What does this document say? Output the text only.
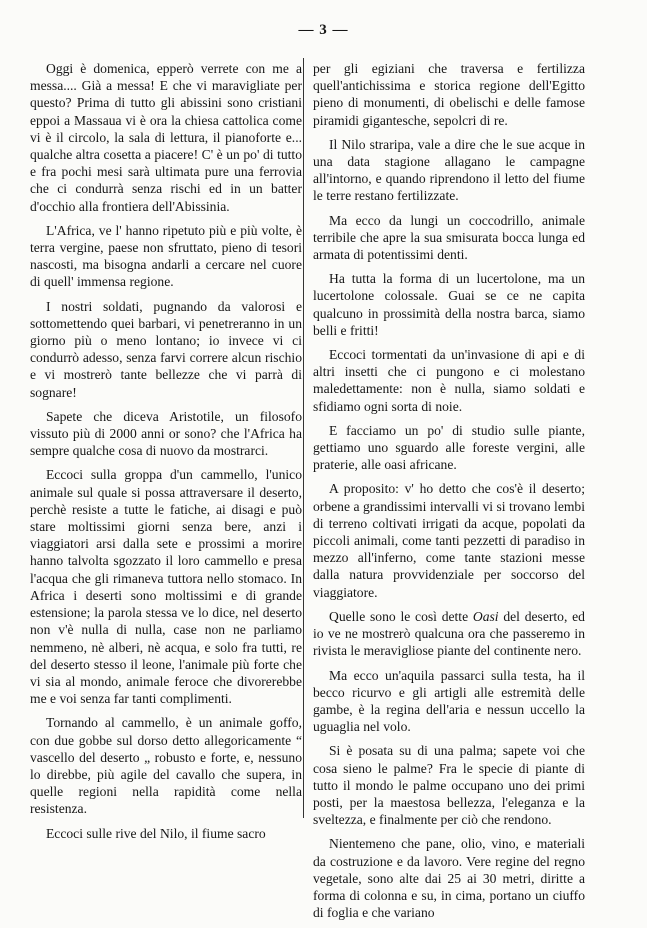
— 3 —

Oggi è domenica, epperò verrete con me a messa.... Già a messa! E che vi maravigliate per questo? Prima di tutto gli abissini sono cristiani eppoi a Massaua vi è ora la chiesa cattolica come vi è il circolo, la sala di lettura, il pianoforte e... qualche altra cosetta a piacere! C' è un po' di tutto e fra pochi mesi sarà ultimata pure una ferrovia che ci condurrà senza rischi ed in un batter d'occhio alla frontiera dell'Abissinia.

L'Africa, ve l' hanno ripetuto più e più volte, è terra vergine, paese non sfruttato, pieno di tesori nascosti, ma bisogna andarli a cercare nel cuore di quell' immensa regione.

I nostri soldati, pugnando da valorosi e sottomettendo quei barbari, vi penetreranno in un giorno più o meno lontano; io invece vi ci condurrò adesso, senza farvi correre alcun rischio e vi mostrerò tante bellezze che vi parrà di sognare!

Sapete che diceva Aristotile, un filosofo vissuto più di 2000 anni or sono? che l'Africa ha sempre qualche cosa di nuovo da mostrarci.

Eccoci sulla groppa d'un cammello, l'unico animale sul quale si possa attraversare il deserto, perchè resiste a tutte le fatiche, ai disagi e può stare moltissimi giorni senza bere, anzi i viaggiatori arsi dalla sete e prossimi a morire hanno talvolta sgozzato il loro cammello e presa l'acqua che gli rimaneva tuttora nello stomaco. In Africa i deserti sono moltissimi e di grande estensione; la parola stessa ve lo dice, nel deserto non v'è nulla di nulla, case non ne parliamo nemmeno, nè alberi, nè acqua, e solo fra tutti, re del deserto stesso il leone, l'animale più forte che vi sia al mondo, animale feroce che divorerebbe me e voi senza far tanti complimenti.

Tornando al cammello, è un animale goffo, con due gobbe sul dorso detto allegoricamente “ vascello del deserto „ robusto e forte, e, nessuno lo direbbe, più agile del cavallo che supera, in quelle regioni nella rapidità come nella resistenza.

Eccoci sulle rive del Nilo, il fiume sacro

per gli egiziani che traversa e fertilizza quell'antichissima e storica regione dell'Egitto pieno di monumenti, di obelischi e delle famose piramidi gigantesche, sepolcri di re.

Il Nilo straripa, vale a dire che le sue acque in una data stagione allagano le campagne all'intorno, e quando riprendono il letto del fiume le terre restano fertilizzate.

Ma ecco da lungi un coccodrillo, animale terribile che apre la sua smisurata bocca lunga ed armata di potentissimi denti.

Ha tutta la forma di un lucertolone, ma un lucertolone colossale. Guai se ce ne capita qualcuno in prossimità della nostra barca, siamo belli e fritti!

Eccoci tormentati da un'invasione di api e di altri insetti che ci pungono e ci molestano maledettamente: non è nulla, siamo soldati e sfidiamo ogni sorta di noie.

E facciamo un po' di studio sulle piante, gettiamo uno sguardo alle foreste vergini, alle praterie, alle oasi africane.

A proposito: v' ho detto che cos'è il deserto; orbene a grandissimi intervalli vi si trovano lembi di terreno coltivati irrigati da acque, popolati da piccoli animali, come tanti pezzetti di paradiso in mezzo all'inferno, come tante stazioni messe dalla natura provvidenziale per soccorso del viaggiatore.

Quelle sono le così dette Oasi del deserto, ed io ve ne mostrerò qualcuna ora che passeremo in rivista le meravigliose piante del continente nero.

Ma ecco un'aquila passarci sulla testa, ha il becco ricurvo e gli artigli alle estremità delle gambe, è la regina dell'aria e nessun uccello la uguaglia nel volo.

Si è posata su di una palma; sapete voi che cosa sieno le palme? Fra le specie di piante di tutto il mondo le palme occupano uno dei primi posti, per la maestosa bellezza, l'eleganza e la sveltezza, e finalmente per ciò che rendono.

Nientemeno che pane, olio, vino, e materiali da costruzione e da lavoro. Vere regine del regno vegetale, sono alte dai 25 ai 30 metri, diritte a forma di colonna e su, in cima, portano un ciuffo di foglia e che variano
